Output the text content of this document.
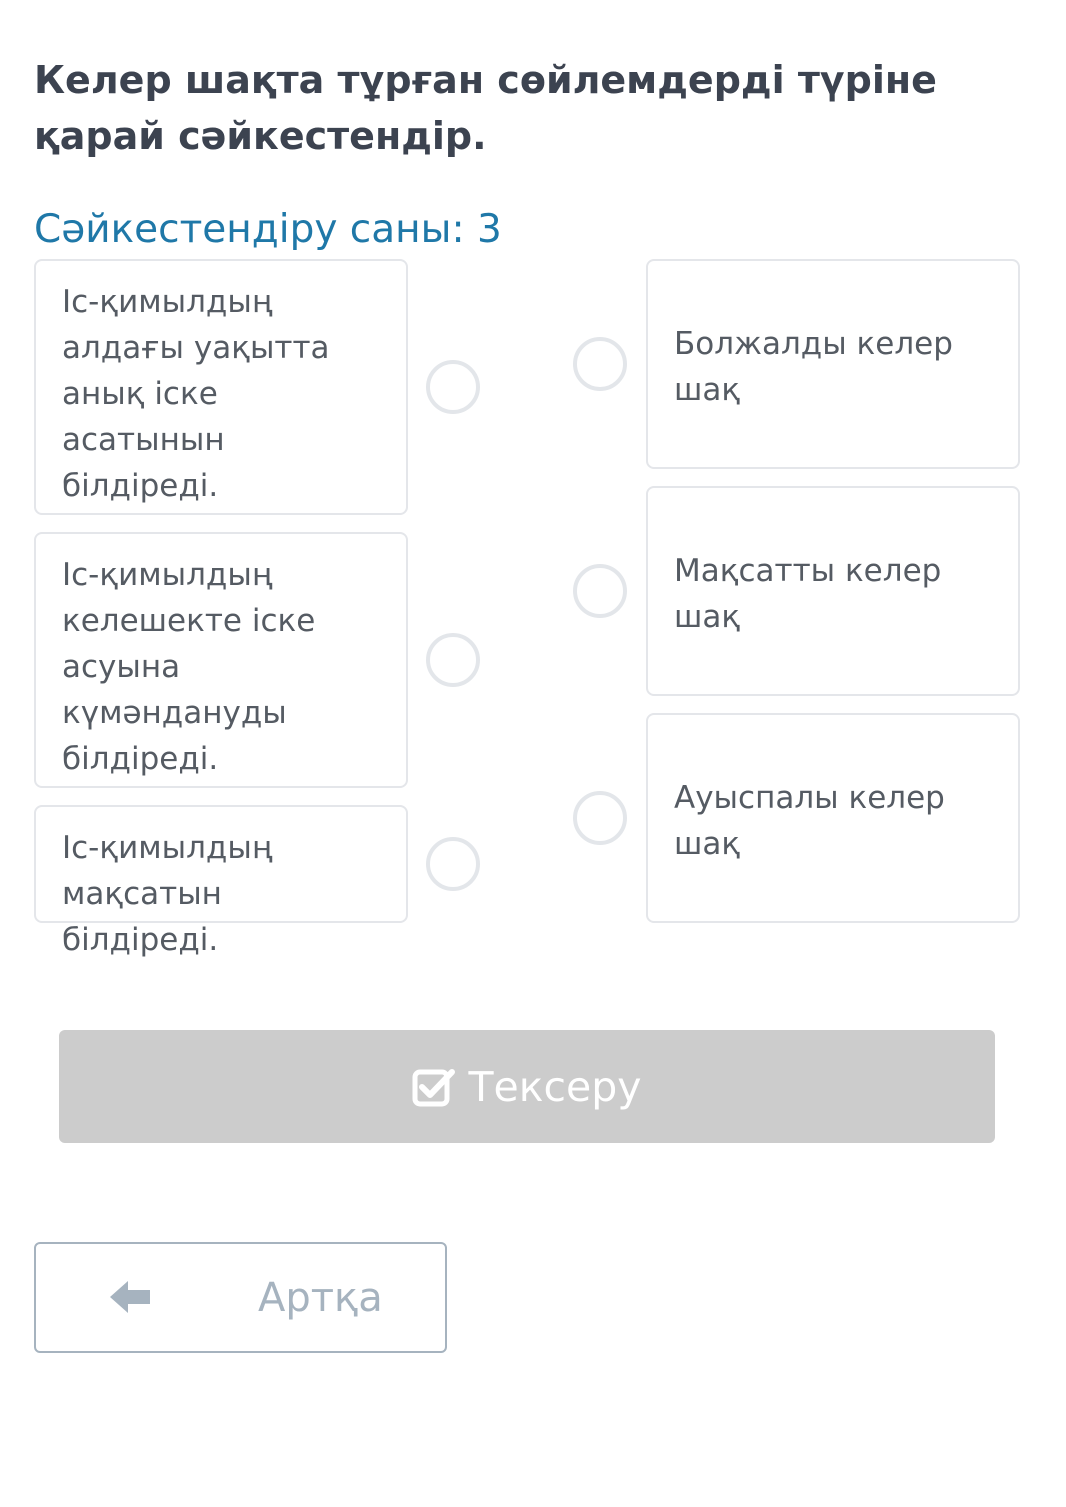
Келер шақта тұрған сөйлемдерді түріне қарай сәйкестендір.

Сәйкестендіру саны: 3

Іс-қимылдың алдағы уақытта анық іске асатынын білдіреді.
Іс-қимылдың келешекте іске асуына күмәндануды білдіреді.
Іс-қимылдың мақсатын білдіреді.
Болжалды келер шақ
Мақсатты келер шақ
Ауыспалы келер шақ
Тексеру
Артқа
